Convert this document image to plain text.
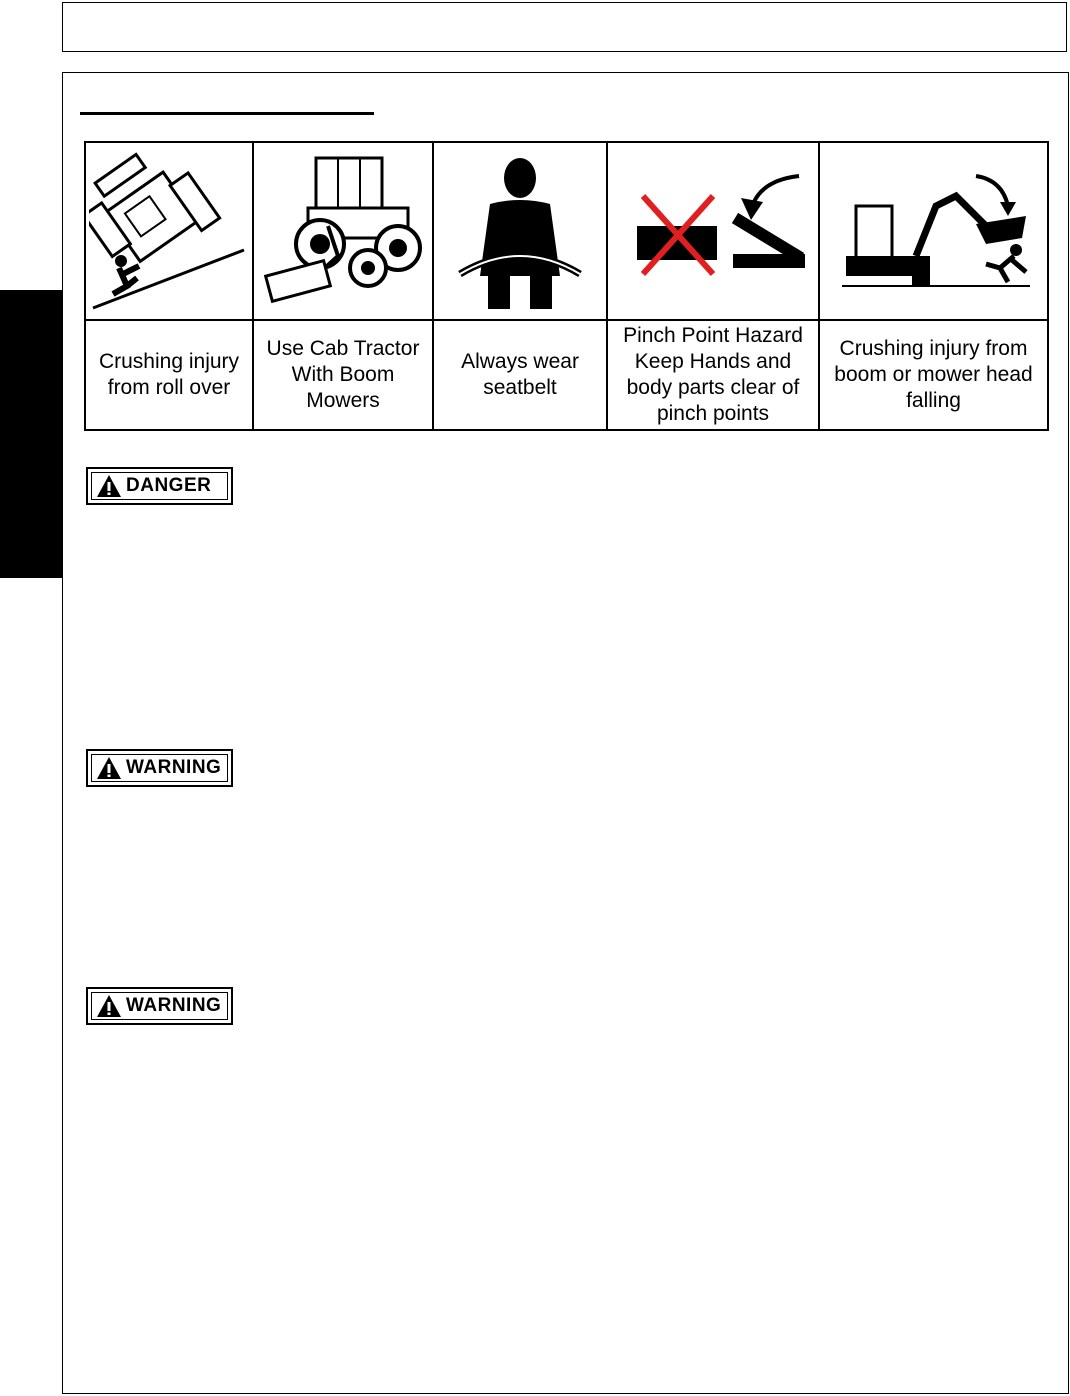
Crushing injury from roll over	Use Cab Tractor With Boom Mowers	Always wear seatbelt	Pinch Point Hazard Keep Hands and body parts clear of pinch points	Crushing injury from boom or mower head falling
DANGER
WARNING
WARNING
